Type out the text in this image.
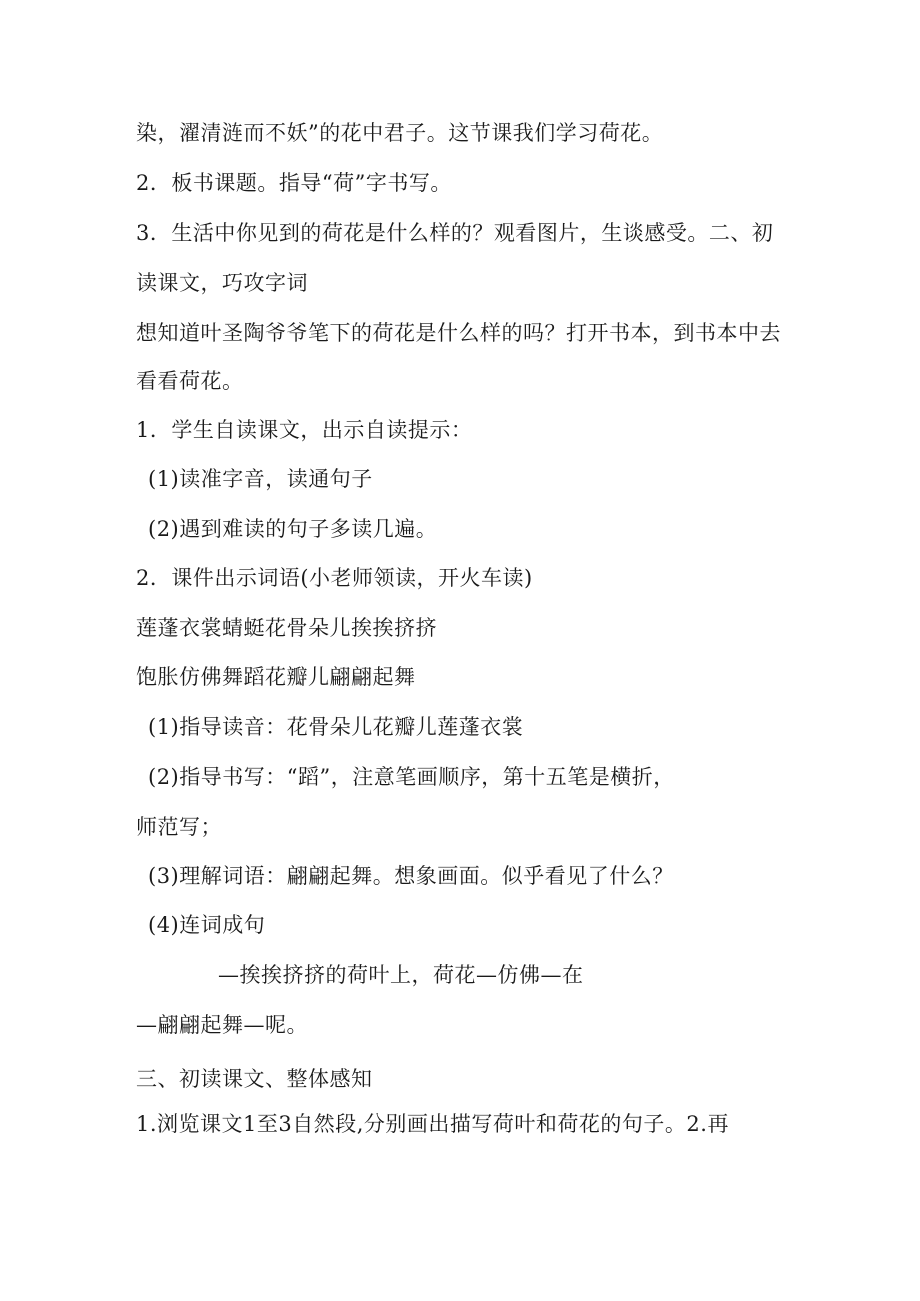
染，濯清涟而不妖”的花中君子。这节课我们学习荷花。
2．板书课题。指导“荷”字书写。
3．生活中你见到的荷花是什么样的？观看图片，生谈感受。二、初
读课文，巧攻字词
想知道叶圣陶爷爷笔下的荷花是什么样的吗？打开书本，到书本中去
看看荷花。
1．学生自读课文，出示自读提示：
(1)读准字音，读通句子
(2)遇到难读的句子多读几遍。
2．课件出示词语(小老师领读，开火车读)
莲蓬衣裳蜻蜓花骨朵儿挨挨挤挤
饱胀仿佛舞蹈花瓣儿翩翩起舞
(1)指导读音：花骨朵儿花瓣儿莲蓬衣裳
(2)指导书写：“蹈”，注意笔画顺序，第十五笔是横折，
师范写；
(3)理解词语：翩翩起舞。想象画面。似乎看见了什么？
(4)连词成句
—挨挨挤挤的荷叶上，荷花—仿佛—在
—翩翩起舞—呢。
三、初读课文、整体感知
1.浏览课文1至3自然段,分别画出描写荷叶和荷花的句子。2.再
